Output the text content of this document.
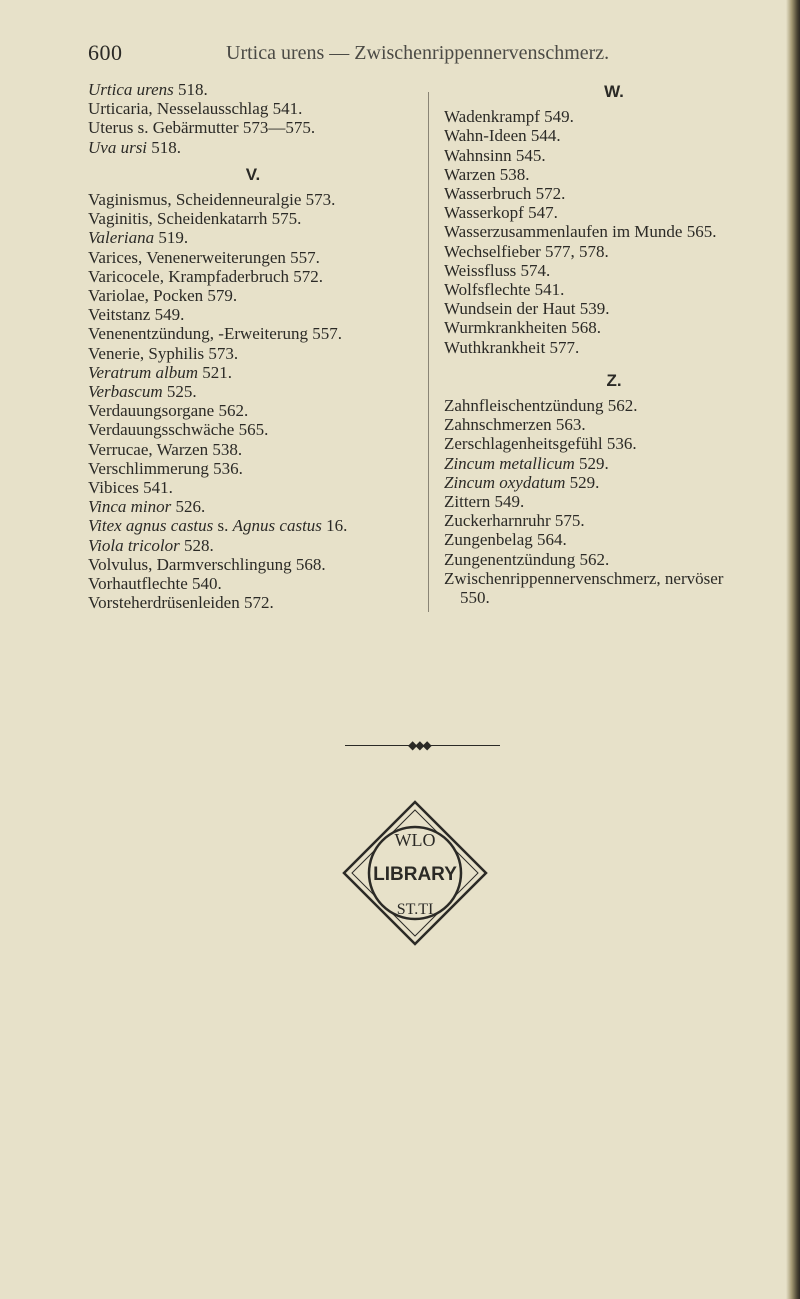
600	Urtica urens — Zwischenrippennervenschmerz.
Urtica urens 518.
Urticaria, Nesselausschlag 541.
Uterus s. Gebärmutter 573—575.
Uva ursi 518.
V.
Vaginismus, Scheidenneuralgie 573.
Vaginitis, Scheidenkatarrh 575.
Valeriana 519.
Varices, Venenerweiterungen 557.
Varicocele, Krampfaderbruch 572.
Variolae, Pocken 579.
Veitstanz 549.
Venenentzündung, -Erweiterung 557.
Venerie, Syphilis 573.
Veratrum album 521.
Verbascum 525.
Verdauungsorgane 562.
Verdauungsschwäche 565.
Verrucae, Warzen 538.
Verschlimmerung 536.
Vibices 541.
Vinca minor 526.
Vitex agnus castus s. Agnus castus 16.
Viola tricolor 528.
Volvulus, Darmverschlingung 568.
Vorhautflechte 540.
Vorsteherdrüsenleiden 572.
W.
Wadenkrampf 549.
Wahn-Ideen 544.
Wahnsinn 545.
Warzen 538.
Wasserbruch 572.
Wasserkopf 547.
Wasserzusammenlaufen im Munde 565.
Wechselfieber 577, 578.
Weissfluss 574.
Wolfsflechte 541.
Wundsein der Haut 539.
Wurmkrankheiten 568.
Wuthkrankheit 577.
Z.
Zahnfleischentzündung 562.
Zahnschmerzen 563.
Zerschlagenheitsgefühl 536.
Zincum metallicum 529.
Zincum oxydatum 529.
Zittern 549.
Zuckerharnruhr 575.
Zungenbelag 564.
Zungenentzündung 562.
Zwischenrippennervenschmerz, nervöser
550.
◆◆◆
WLO
LIBRARY
ST.TI
